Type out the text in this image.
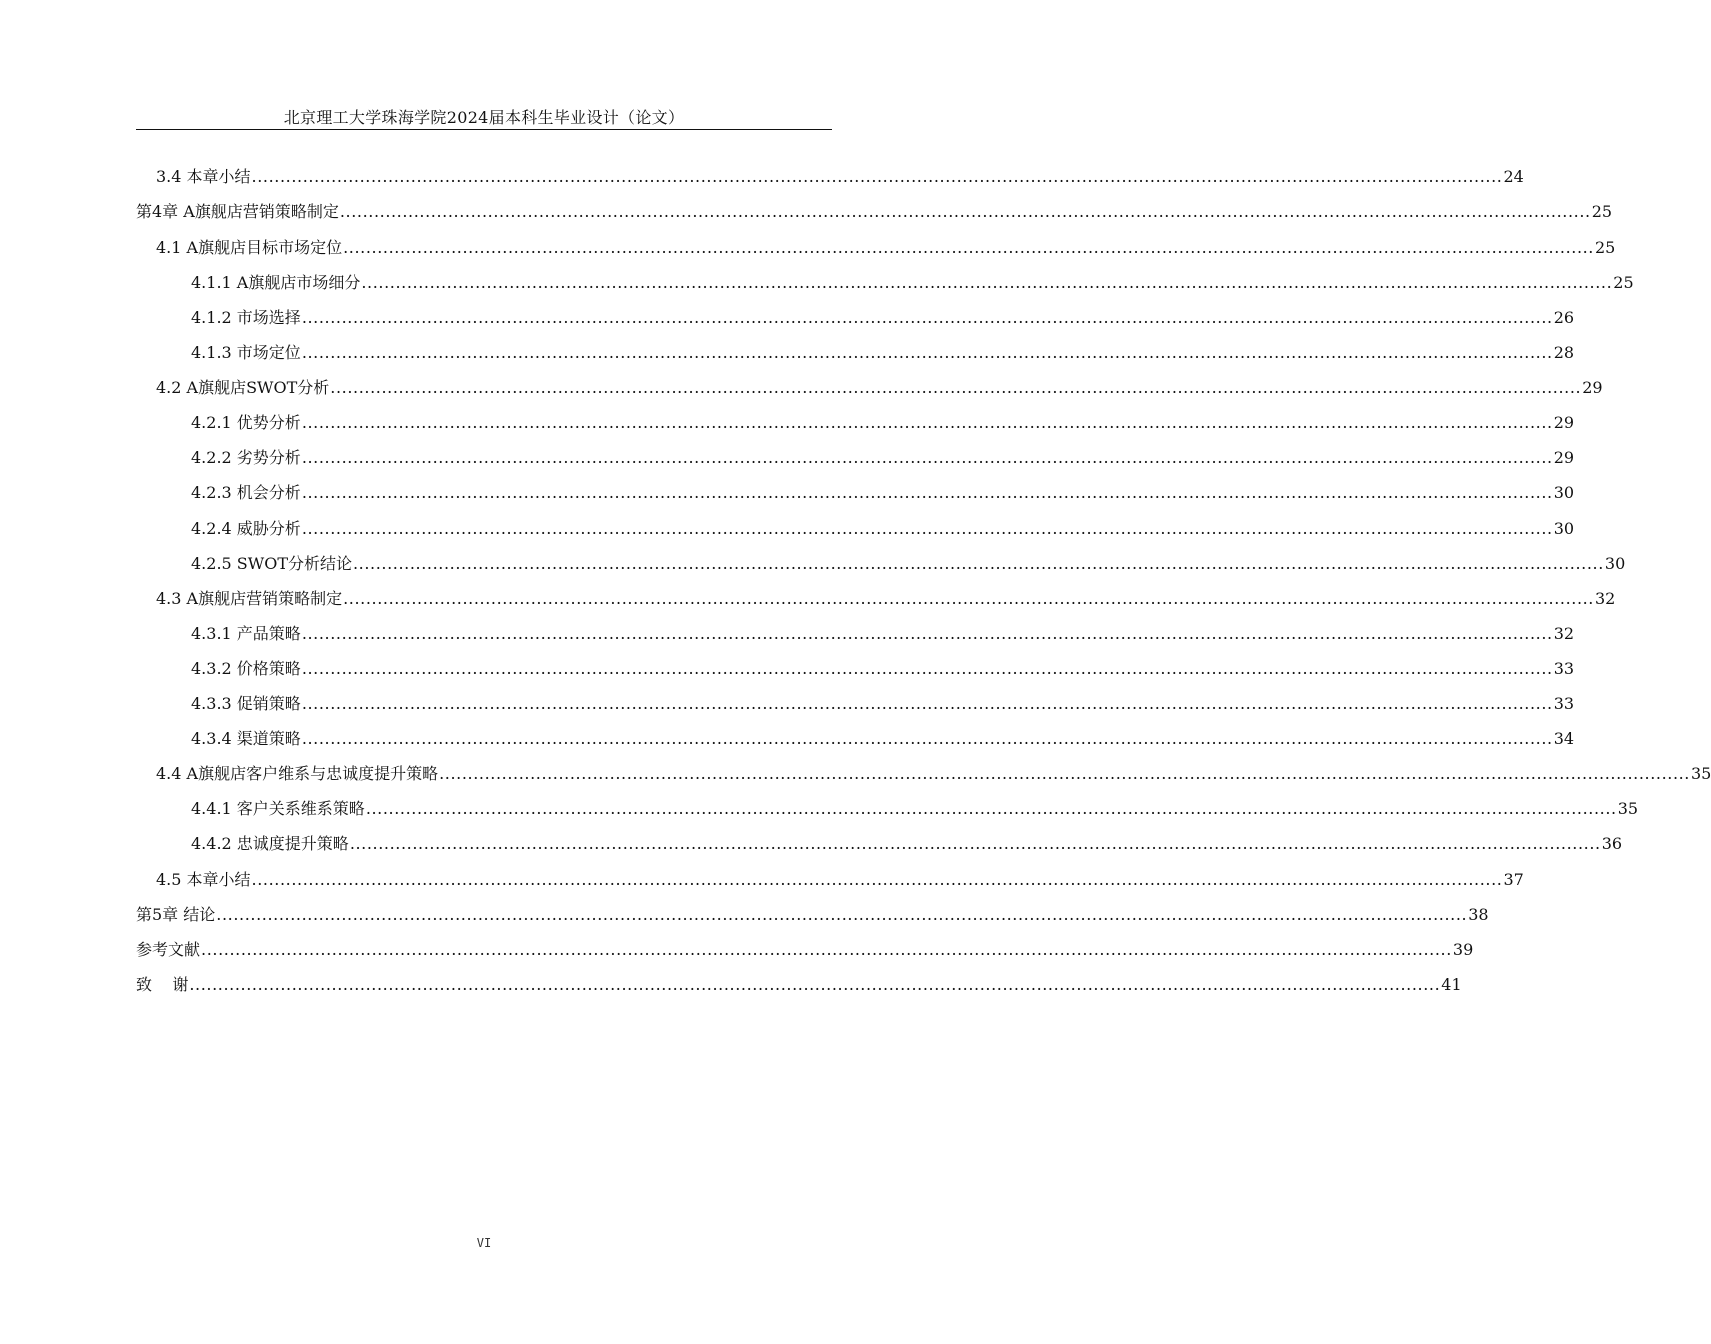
北京理工大学珠海学院2024届本科生毕业设计（论文）
3.4 本章小结 ............................................................................................................................................................................................................................ 24
第4章 A旗舰店营销策略制定 ............................................................................................................................................................................................................................ 25
4.1 A旗舰店目标市场定位 ............................................................................................................................................................................................................................ 25
4.1.1 A旗舰店市场细分 ............................................................................................................................................................................................................................ 25
4.1.2 市场选择 ............................................................................................................................................................................................................................ 26
4.1.3 市场定位 ............................................................................................................................................................................................................................ 28
4.2 A旗舰店SWOT分析 ............................................................................................................................................................................................................................ 29
4.2.1 优势分析 ............................................................................................................................................................................................................................ 29
4.2.2 劣势分析 ............................................................................................................................................................................................................................ 29
4.2.3 机会分析 ............................................................................................................................................................................................................................ 30
4.2.4 威胁分析 ............................................................................................................................................................................................................................ 30
4.2.5 SWOT分析结论 ............................................................................................................................................................................................................................ 30
4.3 A旗舰店营销策略制定 ............................................................................................................................................................................................................................ 32
4.3.1 产品策略 ............................................................................................................................................................................................................................ 32
4.3.2 价格策略 ............................................................................................................................................................................................................................ 33
4.3.3 促销策略 ............................................................................................................................................................................................................................ 33
4.3.4 渠道策略 ............................................................................................................................................................................................................................ 34
4.4 A旗舰店客户维系与忠诚度提升策略 ............................................................................................................................................................................................................................ 35
4.4.1 客户关系维系策略 ............................................................................................................................................................................................................................ 35
4.4.2 忠诚度提升策略 ............................................................................................................................................................................................................................ 36
4.5 本章小结 ............................................................................................................................................................................................................................ 37
第5章 结论 ............................................................................................................................................................................................................................ 38
参考文献 ............................................................................................................................................................................................................................ 39
致    谢 ............................................................................................................................................................................................................................ 41
VI
